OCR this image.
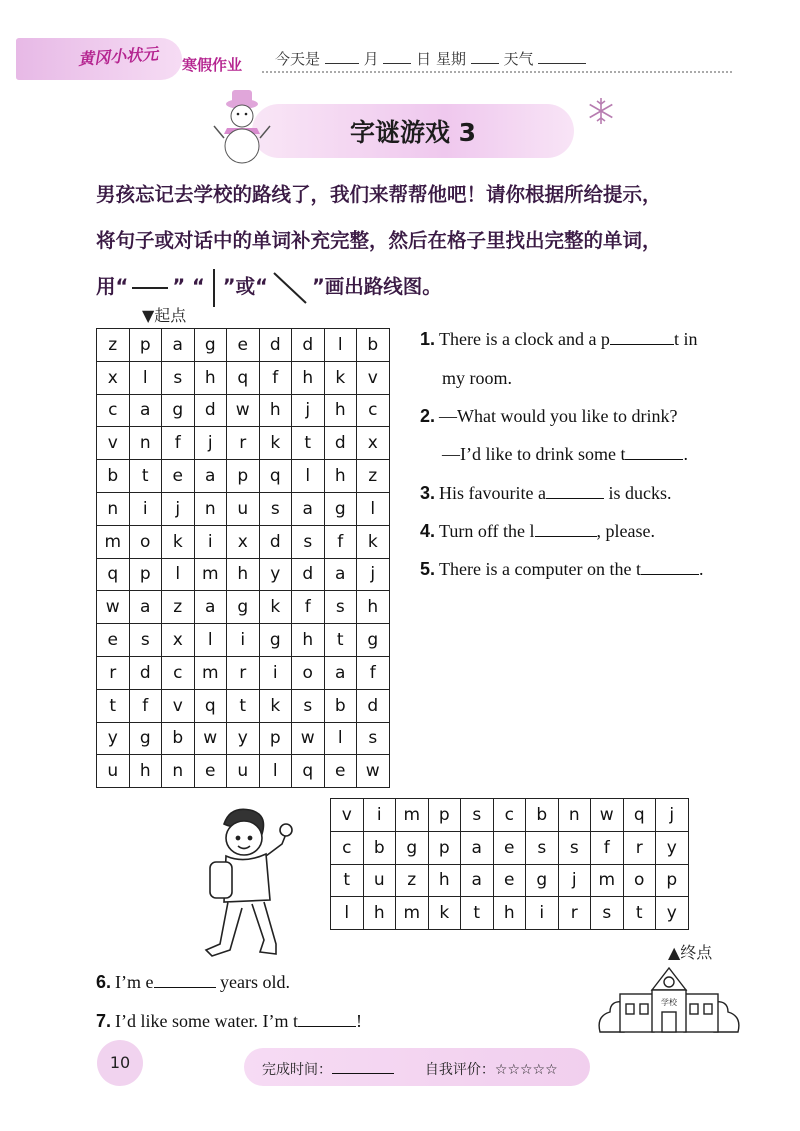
黄冈小状元 寒假作业 今天是	月	日 星期	天气
字谜游戏 3
男孩忘记去学校的路线了，我们来帮帮他吧！请你根据所给提示，
将句子或对话中的单词补充完整，然后在格子里找出完整的单词，
用“ ” “ ”或“ ”画出路线图。
▼起点
▲终点
z	p	a	g	e	d	d	l	b
x	l	s	h	q	f	h	k	v
c	a	g	d	w	h	j	h	c
v	n	f	j	r	k	t	d	x
b	t	e	a	p	q	l	h	z
n	i	j	n	u	s	a	g	l
m	o	k	i	x	d	s	f	k
q	p	l	m	h	y	d	a	j
w	a	z	a	g	k	f	s	h
e	s	x	l	i	g	h	t	g
r	d	c	m	r	i	o	a	f
t	f	v	q	t	k	s	b	d
y	g	b	w	y	p	w	l	s
u	h	n	e	u	l	q	e	w
v	i	m	p	s	c	b	n	w	q	j
c	b	g	p	a	e	s	s	f	r	y
t	u	z	h	a	e	g	j	m	o	p
l	h	m	k	t	h	i	r	s	t	y
1. There is a clock and a p	t in
my room.
2. —What would you like to drink?
—I’d like to drink some t	.
3. His favourite a	is ducks.
4. Turn off the l	, please.
5. There is a computer on the t	.
学校
6. I’m e	years old.
7. I’d like some water. I’m t	!
10	完成时间：	自我评价：☆☆☆☆☆
